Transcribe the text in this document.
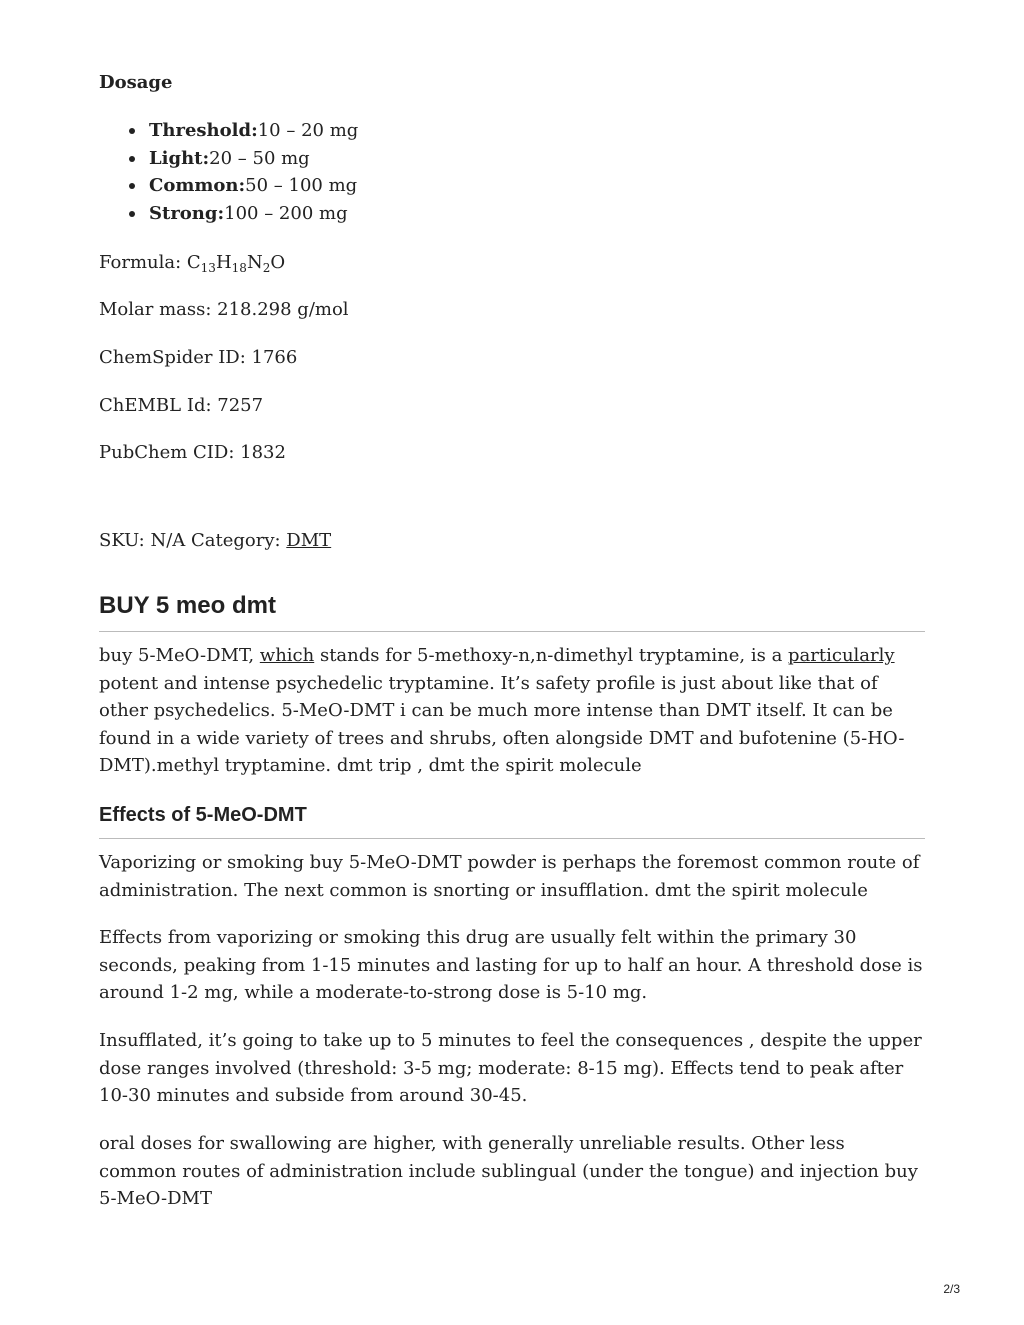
Dosage
Threshold:10 – 20 mg
Light:20 – 50 mg
Common:50 – 100 mg
Strong:100 – 200 mg
Formula: $C_{13}H_{18}N_2O$
Molar mass: 218.298 g/mol
ChemSpider ID: 1766
ChEMBL Id: 7257
PubChem CID: 1832
SKU: N/A Category: DMT
BUY 5 meo dmt
buy 5-MeO-DMT, which stands for 5-methoxy-n,n-dimethyl tryptamine, is a particularly potent and intense psychedelic tryptamine. It’s safety profile is just about like that of other psychedelics. 5-MeO-DMT i can be much more intense than DMT itself. It can be found in a wide variety of trees and shrubs, often alongside DMT and bufotenine (5-HO-DMT).methyl tryptamine. dmt trip , dmt the spirit molecule
Effects of 5-MeO-DMT
Vaporizing or smoking buy 5-MeO-DMT powder is perhaps the foremost common route of administration. The next common is snorting or insufflation. dmt the spirit molecule
Effects from vaporizing or smoking this drug are usually felt within the primary 30 seconds, peaking from 1-15 minutes and lasting for up to half an hour. A threshold dose is around 1-2 mg, while a moderate-to-strong dose is 5-10 mg.
Insufflated, it’s going to take up to 5 minutes to feel the consequences , despite the upper dose ranges involved (threshold: 3-5 mg; moderate: 8-15 mg). Effects tend to peak after 10-30 minutes and subside from around 30-45.
oral doses for swallowing are higher, with generally unreliable results. Other less common routes of administration include sublingual (under the tongue) and injection buy 5-MeO-DMT
2/3
